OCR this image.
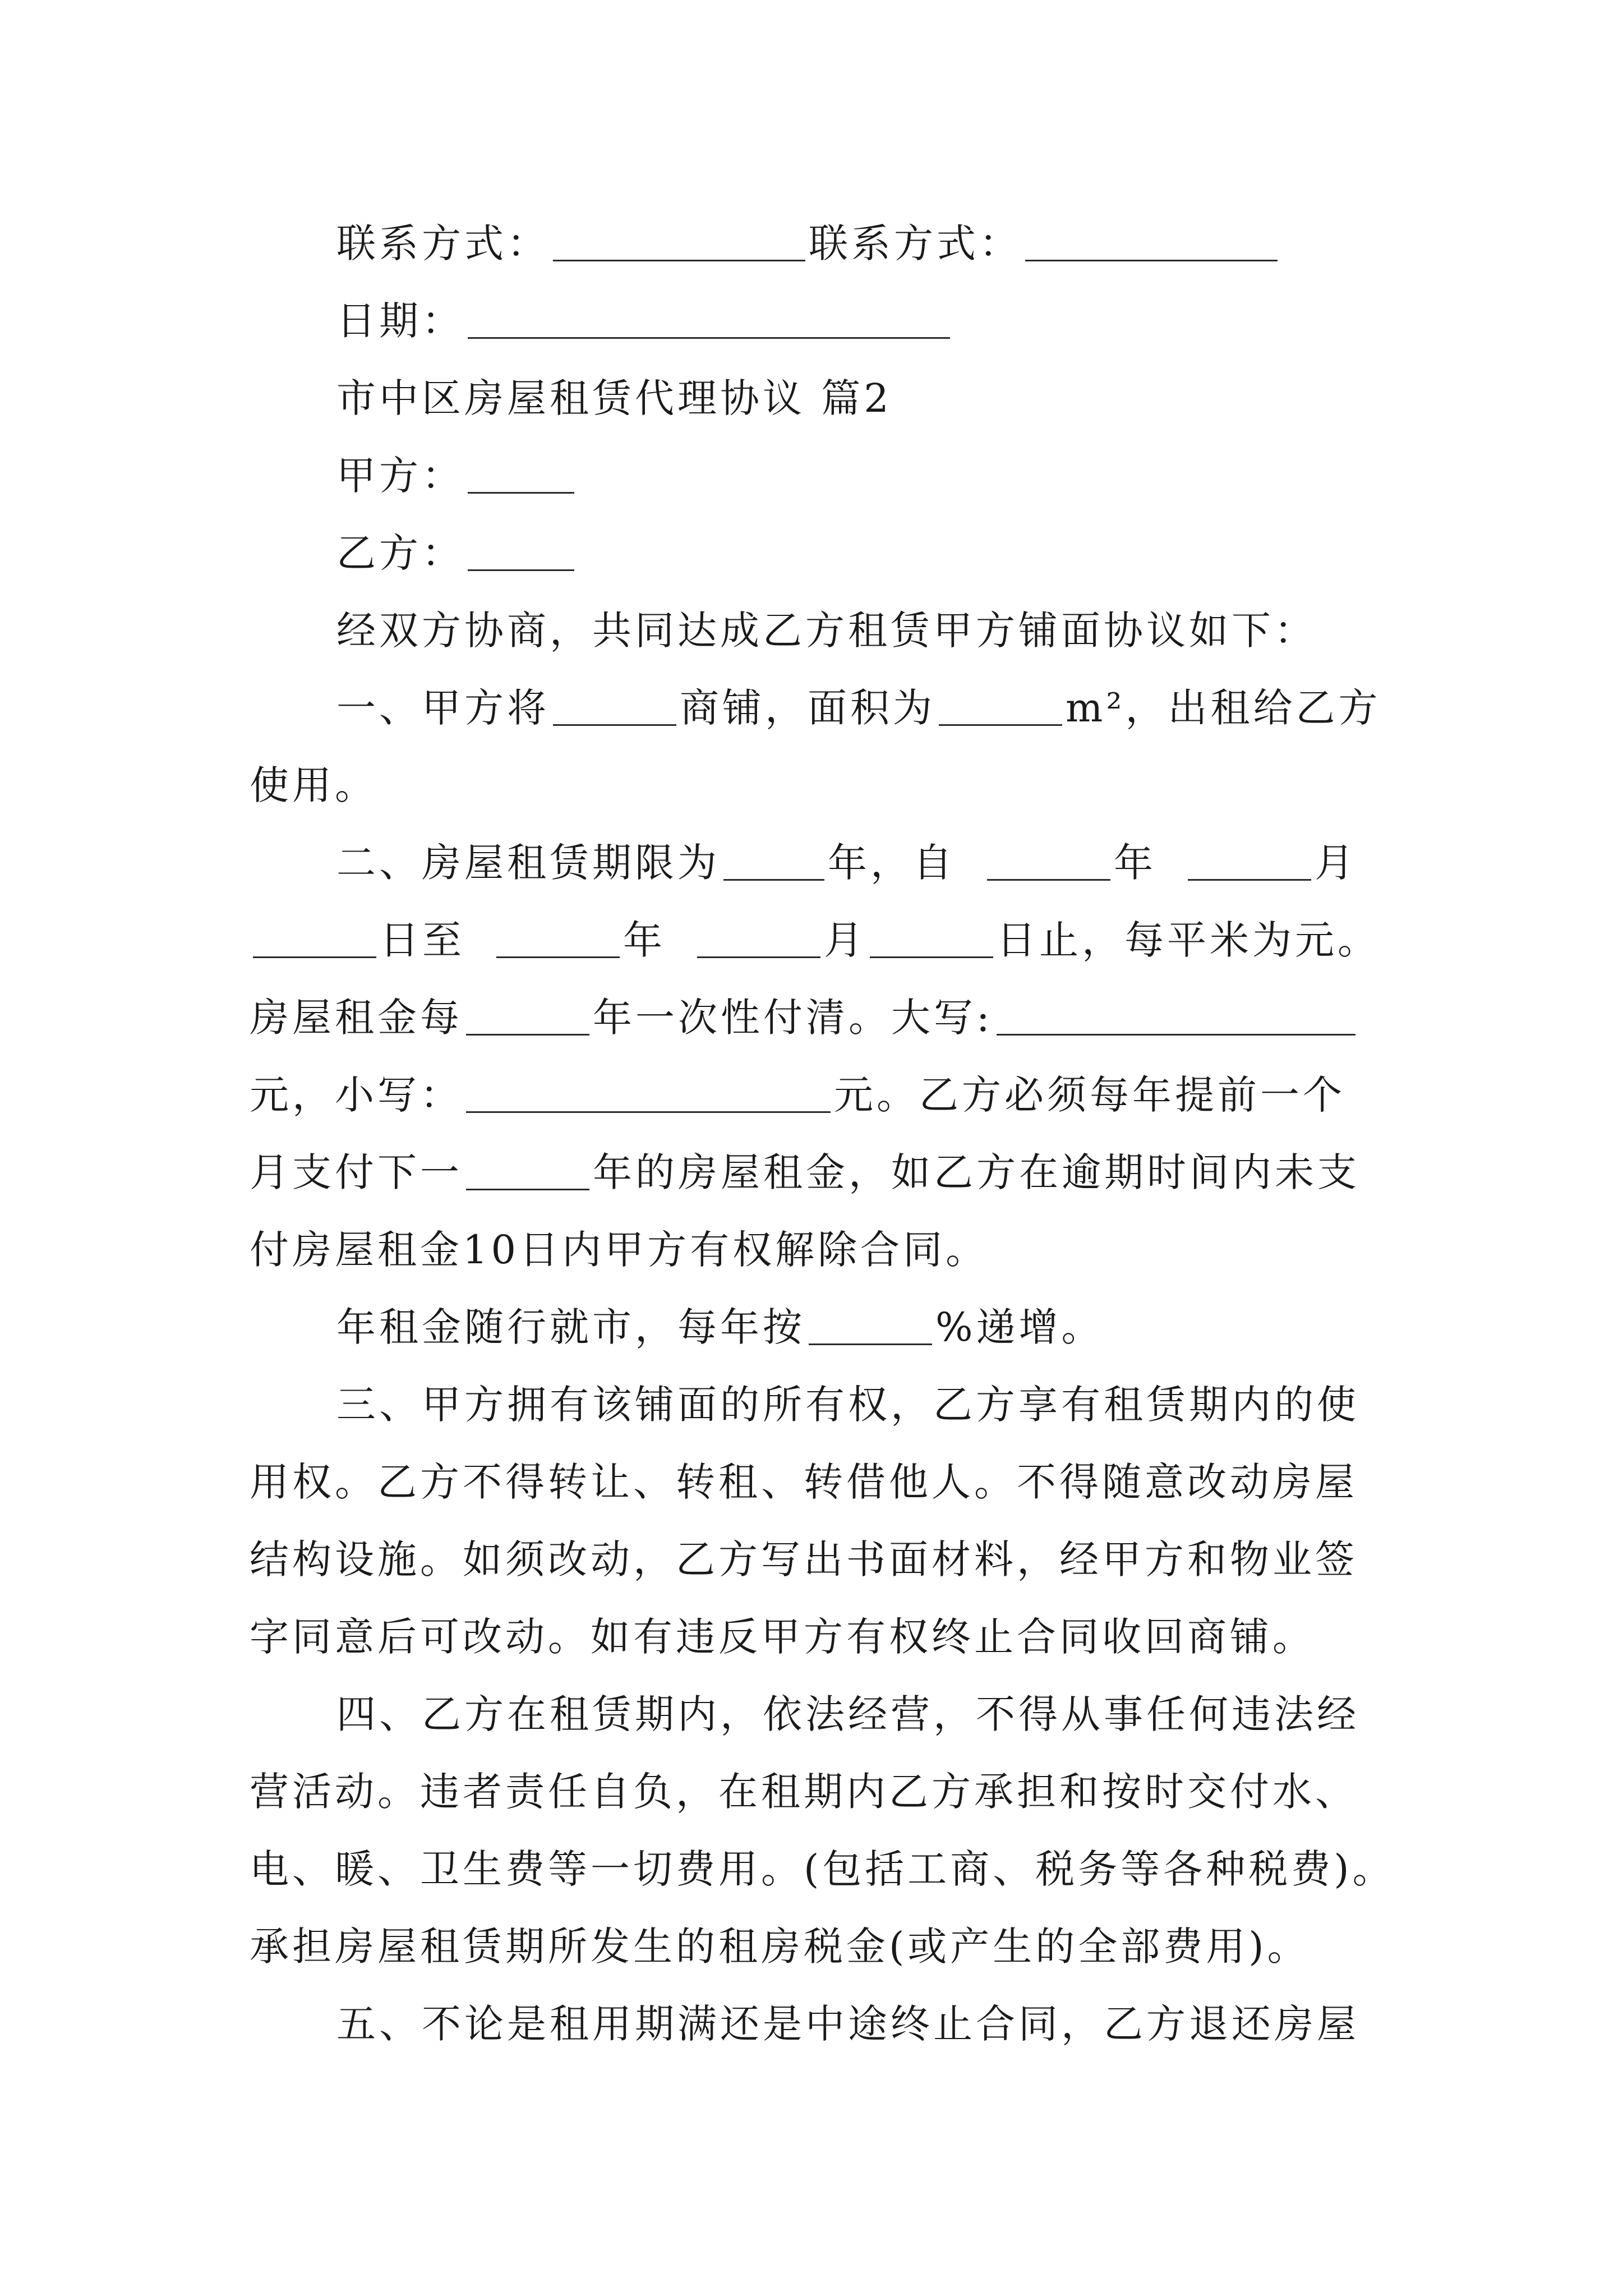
联系方式：	联系方式：
日期：
市中区房屋租赁代理协议 篇2
甲方：
乙方：
经双方协商，共同达成乙方租赁甲方铺面协议如下：
一、甲方将	商铺，面积为	m²，出租给乙方
使用。
二、房屋租赁期限为	年，自	年	月
日至	年	月	日止，每平米为元。
房屋租金每	年一次性付清。大写:
元，小写：	元。乙方必须每年提前一个
月支付下一	年的房屋租金，如乙方在逾期时间内未支
付房屋租金10日内甲方有权解除合同。
年租金随行就市，每年按	%递增。
三、甲方拥有该铺面的所有权，乙方享有租赁期内的使
用权。乙方不得转让、转租、转借他人。不得随意改动房屋
结构设施。如须改动，乙方写出书面材料，经甲方和物业签
字同意后可改动。如有违反甲方有权终止合同收回商铺。
四、乙方在租赁期内，依法经营，不得从事任何违法经
营活动。违者责任自负，在租期内乙方承担和按时交付水、
电、暖、卫生费等一切费用。(包括工商、税务等各种税费)。
承担房屋租赁期所发生的租房税金(或产生的全部费用)。
五、不论是租用期满还是中途终止合同，乙方退还房屋
